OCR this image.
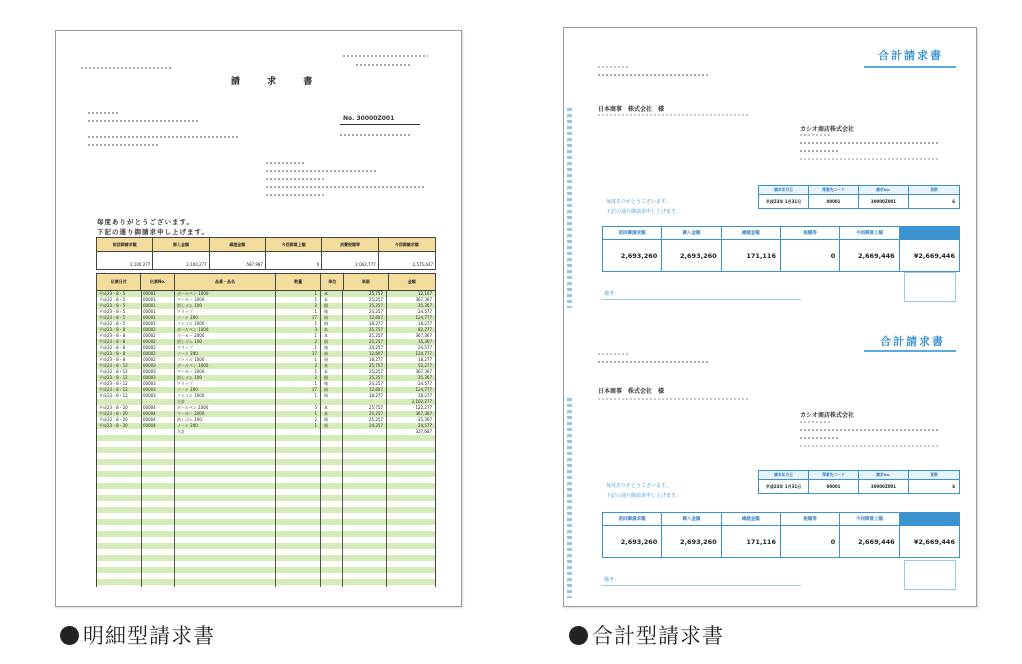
請 求 書
No. 30000Z001
毎度ありがとうございます。
下記の通り御請求申し上げます。
前回御請求額	御入金額	繰越金額	今回御買上額	消費税額等	今回御請求額
2,100,277	2,100,277	587,987	0	2,062,777	2,575,647
伝票日付	伝票No.	品番・品名	数量	単位	単価	金額
平成23・8・5	00001	ボールペン 1000	1 本	25,757	12,107
平成23・8・5	00001	マーカー 2000	1 本	25,257	367,367
平成23・8・5	00001	消しゴム 100	2 個	25,257	35,367
平成23・8・5	00001	クリップ	1 箱	24,257	24,577
平成23・8・5	00001	ノート 200	17 冊	12,607	124,777
平成23・8・5	00001	ファイル 1000	1 冊	18,277	18,277
平成23・8・8	00002	ボールペン 1000	3 本	25,757	82,277
平成23・8・8	00002	マーカー 2000	1 本	25,257	367,367
平成23・8・8	00002	消しゴム 100	2 個	25,257	35,367
平成23・8・8	00002	クリップ	1 箱	24,257	24,577
平成23・8・8	00002	ノート 200	17 冊	12,607	124,777
平成23・8・8	00002	ファイル 1000	1 冊	18,277	18,277
平成23・8・12	00003	ボールペン 1000	2 本	25,757	52,277
平成23・8・12	00003	マーカー 2000	1 本	25,257	367,367
平成23・8・12	00003	消しゴム 100	2 個	25,257	35,367
平成23・8・12	00003	クリップ	1 箱	24,257	24,577
平成23・8・12	00003	ノート 200	17 冊	12,607	124,777
平成23・8・12	00003	ファイル 1000	1 冊	18,277	18,277
小計	2,102,277
平成23・8・20	00004	ボールペン 1000	5 本	25,757	122,277
平成23・8・20	00004	マーカー 2000	1 本	25,257	367,367
平成23・8・20	00004	消しゴム 100	2 個	25,257	35,367
平成23・8・20	00004	ノート 200	1 冊	24,257	24,577
合計	327,687
合計請求書
日本商事　株式会社　様
カシオ商店株式会社
毎度ありがとうございます。
下記の通り御請求申し上げます。
請求年月日	得意先コード	請求No.	頁数
平成23年 1月31日	00001	30000Z001	6
前回御請求額	御入金額	繰越金額	税額等	今回御買上額
2,693,260	2,693,260	171,116	0	2,669,446	¥2,669,446
備考：
合計請求書
日本商事　株式会社　様
カシオ商店株式会社
毎度ありがとうございます。
下記の通り御請求申し上げます。
請求年月日	得意先コード	請求No.	頁数
平成23年 1月31日	00001	30000Z001	6
前回御請求額	御入金額	繰越金額	税額等	今回御買上額
2,693,260	2,693,260	171,116	0	2,669,446	¥2,669,446
備考：
明細型請求書	合計型請求書
